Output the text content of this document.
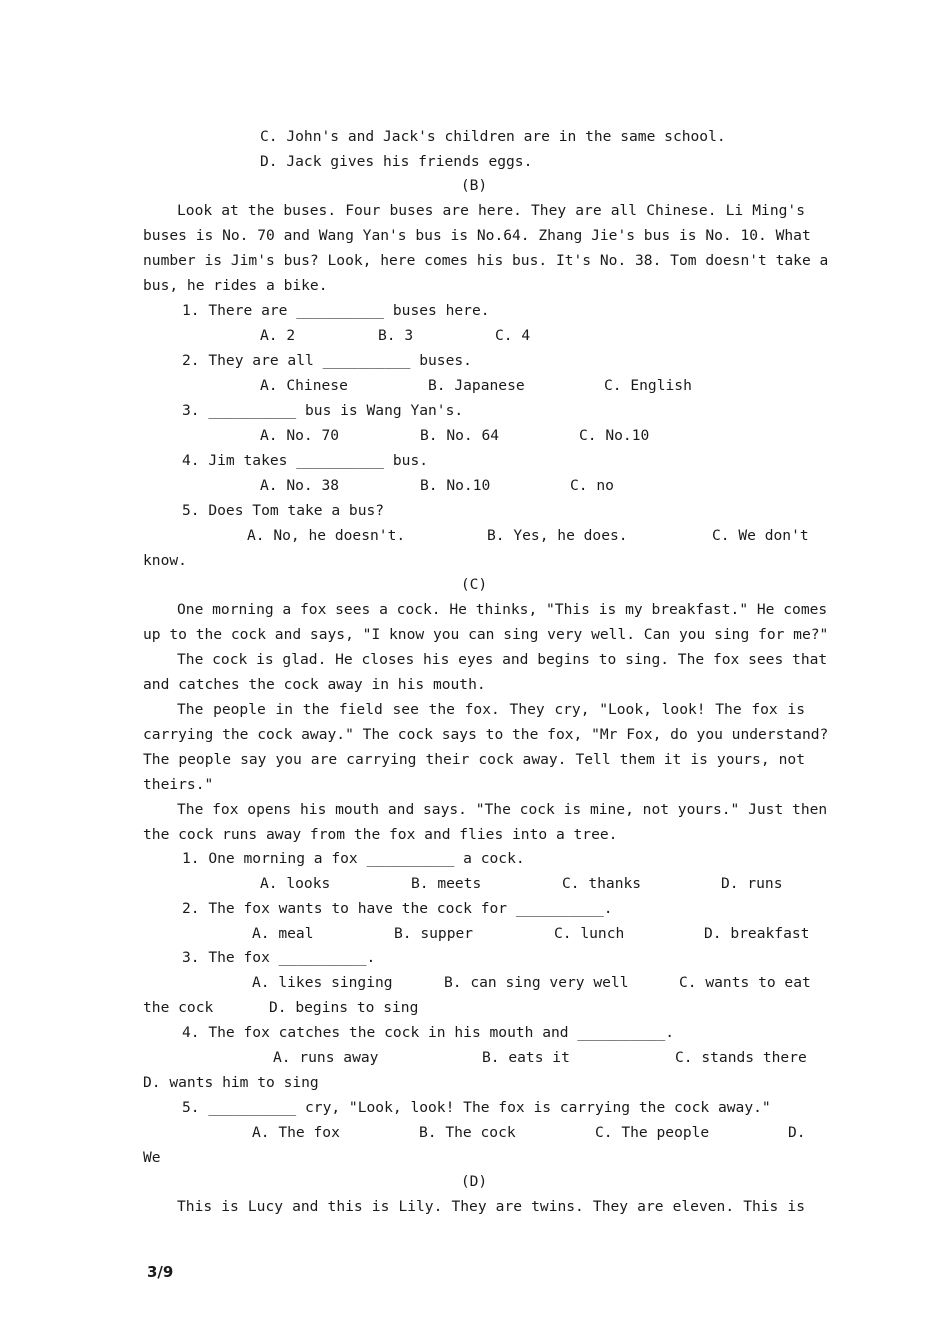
C. John's and Jack's children are in the same school.
D. Jack gives his friends eggs.
(B)
Look at the buses. Four buses are here. They are all Chinese. Li Ming's
buses is No. 70 and Wang Yan's bus is No.64. Zhang Jie's bus is No. 10. What
number is Jim's bus? Look, here comes his bus. It's No. 38. Tom doesn't take a
bus, he rides a bike.
1. There are __________ buses here.

A. 2

	B. 3

	C. 4

2. They are all __________ buses.

A. Chinese

	B. Japanese

	C. English

3. __________ bus is Wang Yan's.

A. No. 70

	B. No. 64

	C. No.10

4. Jim takes __________ bus.

A. No. 38

	B. No.10

	C. no

5. Does Tom take a bus?

A. No, he doesn't.

	B. Yes, he does.

	C. We don't

know.
(C)
One morning a fox sees a cock. He thinks, "This is my breakfast." He comes
up to the cock and says, "I know you can sing very well. Can you sing for me?"
The cock is glad. He closes his eyes and begins to sing. The fox sees that
and catches the cock away in his mouth.
The people in the field see the fox. They cry, "Look, look! The fox is
carrying the cock away." The cock says to the fox, "Mr Fox, do you understand?
The people say you are carrying their cock away. Tell them it is yours, not
theirs."
The fox opens his mouth and says. "The cock is mine, not yours." Just then
the cock runs away from the fox and flies into a tree.
1. One morning a fox __________ a cock.

A. looks

	B. meets

	C. thanks

	D. runs

2. The fox wants to have the cock for __________.

A. meal

	B. supper

	C. lunch

	D. breakfast

3. The fox __________.

A. likes singing

	B. can sing very well

	C. wants to eat

the cock

	D. begins to sing

4. The fox catches the cock in his mouth and __________.

A. runs away

	B. eats it

	C. stands there

D. wants him to sing
5. __________ cry, "Look, look! The fox is carrying the cock away."

A. The fox

	B. The cock

	C. The people

	D.

We
(D)
This is Lucy and this is Lily. They are twins. They are eleven. This is
3/9
